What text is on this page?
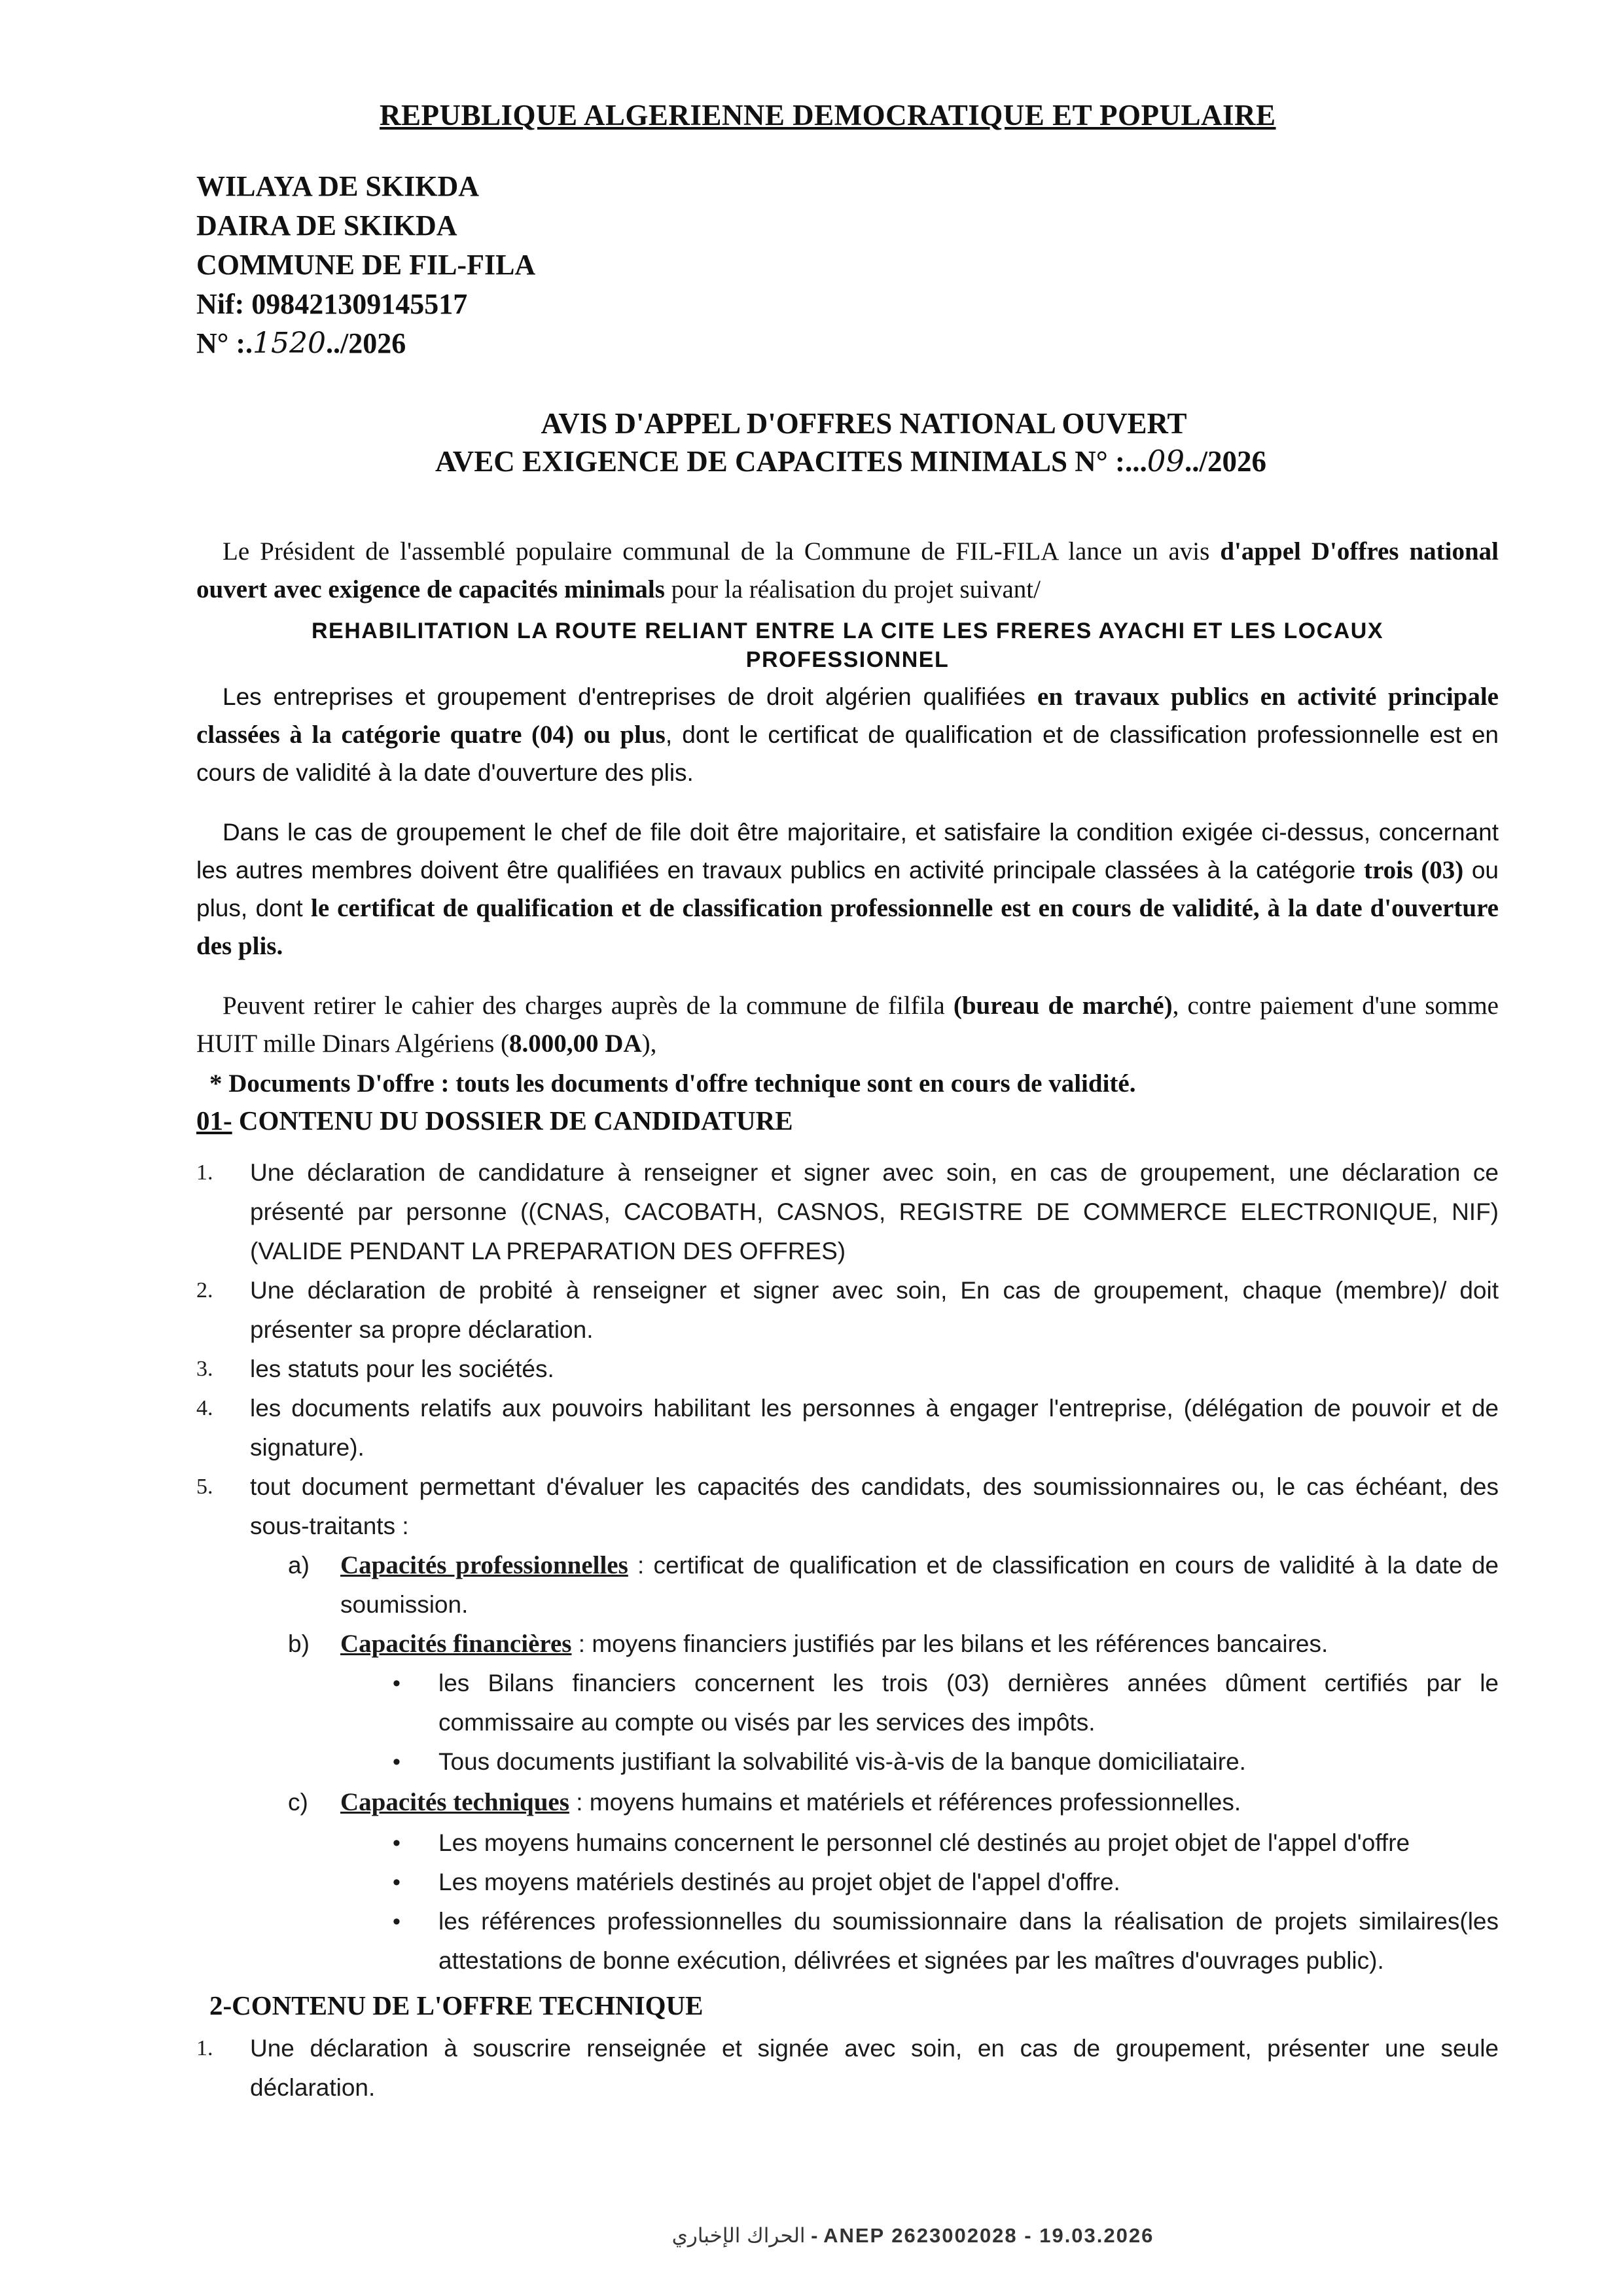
REPUBLIQUE ALGERIENNE DEMOCRATIQUE ET POPULAIRE
WILAYA DE SKIKDA
DAIRA DE SKIKDA
COMMUNE DE FIL-FILA
Nif: 098421309145517
N° :.1520../2026
AVIS D'APPEL D'OFFRES NATIONAL OUVERT
AVEC EXIGENCE DE CAPACITES MINIMALS N° :...09../2026
Le Président de l'assemblé populaire communal de la Commune de FIL-FILA lance un avis d'appel D'offres national ouvert avec exigence de capacités minimals pour la réalisation du projet suivant/
REHABILITATION LA ROUTE RELIANT ENTRE LA CITE LES FRERES AYACHI ET LES LOCAUX PROFESSIONNEL
Les entreprises et groupement d'entreprises de droit algérien qualifiées en travaux publics en activité principale classées à la catégorie quatre (04) ou plus, dont le certificat de qualification et de classification professionnelle est en cours de validité à la date d'ouverture des plis.
Dans le cas de groupement le chef de file doit être majoritaire, et satisfaire la condition exigée ci-dessus, concernant les autres membres doivent être qualifiées en travaux publics en activité principale classées à la catégorie trois (03) ou plus, dont le certificat de qualification et de classification professionnelle est en cours de validité, à la date d'ouverture des plis.
Peuvent retirer le cahier des charges auprès de la commune de filfila (bureau de marché), contre paiement d'une somme HUIT mille Dinars Algériens (8.000,00 DA),
* Documents D'offre : touts les documents d'offre technique sont en cours de validité.
01- CONTENU DU DOSSIER DE CANDIDATURE
1.	Une déclaration de candidature à renseigner et signer avec soin, en cas de groupement, une déclaration ce présenté par personne ((CNAS, CACOBATH, CASNOS, REGISTRE DE COMMERCE ELECTRONIQUE, NIF) (VALIDE PENDANT LA PREPARATION DES OFFRES)
2.	Une déclaration de probité à renseigner et signer avec soin, En cas de groupement, chaque (membre)/ doit présenter sa propre déclaration.
3.	les statuts pour les sociétés.
4.	les documents relatifs aux pouvoirs habilitant les personnes à engager l'entreprise, (délégation de pouvoir et de signature).
5.	tout document permettant d'évaluer les capacités des candidats, des soumissionnaires ou, le cas échéant, des sous-traitants :
a) Capacités professionnelles : certificat de qualification et de classification en cours de validité à la date de soumission.
b) Capacités financières : moyens financiers justifiés par les bilans et les références bancaires.
• les Bilans financiers concernent les trois (03) dernières années dûment certifiés par le commissaire au compte ou visés par les services des impôts.
• Tous documents justifiant la solvabilité vis-à-vis de la banque domiciliataire.
c) Capacités techniques : moyens humains et matériels et références professionnelles.
• Les moyens humains concernent le personnel clé destinés au projet objet de l'appel d'offre
• Les moyens matériels destinés au projet objet de l'appel d'offre.
• les références professionnelles du soumissionnaire dans la réalisation de projets similaires(les attestations de bonne exécution, délivrées et signées par les maîtres d'ouvrages public).
2-CONTENU DE L'OFFRE TECHNIQUE
1.	Une déclaration à souscrire renseignée et signée avec soin, en cas de groupement, présenter une seule déclaration.
الحراك الإخباري - ANEP 2623002028 - 19.03.2026
